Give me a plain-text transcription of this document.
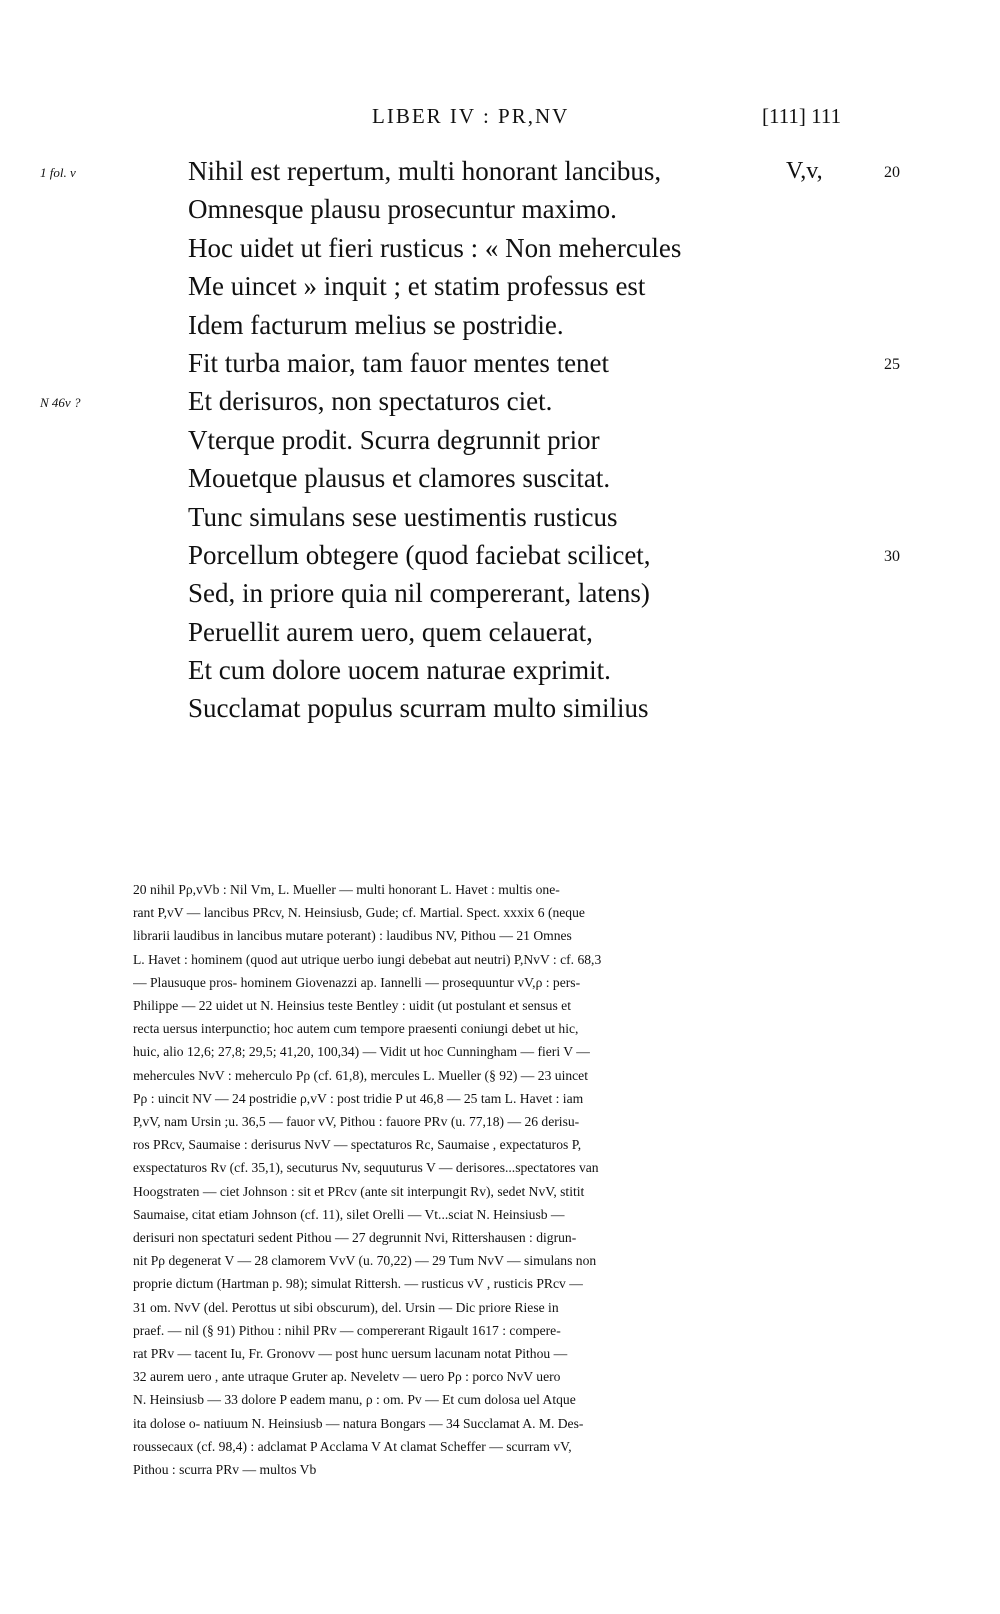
LIBER IV : PR,NV	[111] 111
1 fol. v	Nihil est repertum, multi honorant lancibus,	V,v,	20
Omnesque plausu prosecuntur maximo.
Hoc uidet ut fieri rusticus : « Non mehercules
Me uincet » inquit ; et statim professus est
Idem facturum melius se postridie.
Fit turba maior, tam fauor mentes tenet	25
N 46v ?	Et derisuros, non spectaturos ciet.
Vterque prodit. Scurra degrunnit prior
Mouetque plausus et clamores suscitat.
Tunc simulans sese uestimentis rusticus
Porcellum obtegere (quod faciebat scilicet,	30
Sed, in priore quia nil compererant, latens)
Peruellit aurem uero, quem celauerat,
Et cum dolore uocem naturae exprimit.
Succlamat populus scurram multo similius
20 nihil Pρ,vVb : Nil Vm, L. Mueller — multi honorant L. Havet : multis one-
rant P,vV — lancibus PRcv, N. Heinsiusb, Gude; cf. Martial. Spect. xxxix 6 (neque
librarii laudibus in lancibus mutare poterant) : laudibus NV, Pithou — 21 Omnes
L. Havet : hominem (quod aut utrique uerbo iungi debebat aut neutri) P,NvV : cf. 68,3
— Plausuque pros- hominem Giovenazzi ap. Iannelli — prosequuntur vV,ρ : pers-
Philippe — 22 uidet ut N. Heinsius teste Bentley : uidit (ut postulant et sensus et
recta uersus interpunctio; hoc autem cum tempore praesenti coniungi debet ut hic,
huic, alio 12,6; 27,8; 29,5; 41,20, 100,34) — Vidit ut hoc Cunningham — fieri V —
mehercules NvV : meherculo Pρ (cf. 61,8), mercules L. Mueller (§ 92) — 23 uincet
Pρ : uincit NV — 24 postridie ρ,vV : post tridie P ut 46,8 — 25 tam L. Havet : iam
P,vV, nam Ursin ;u. 36,5 — fauor vV, Pithou : fauore PRv (u. 77,18) — 26 derisu-
ros PRcv, Saumaise : derisurus NvV — spectaturos Rc, Saumaise , expectaturos P,
exspectaturos Rv (cf. 35,1), secuturus Nv, sequuturus V — derisores...spectatores van
Hoogstraten — ciet Johnson : sit et PRcv (ante sit interpungit Rv), sedet NvV, stitit
Saumaise, citat etiam Johnson (cf. 11), silet Orelli — Vt...sciat N. Heinsiusb —
derisuri non spectaturi sedent Pithou — 27 degrunnit Nvi, Rittershausen : digrun-
nit Pρ degenerat V — 28 clamorem VvV (u. 70,22) — 29 Tum NvV — simulans non
proprie dictum (Hartman p. 98); simulat Rittersh. — rusticus vV , rusticis PRcv —
31 om. NvV (del. Perottus ut sibi obscurum), del. Ursin — Dic priore Riese in
praef. — nil (§ 91) Pithou : nihil PRv — compererant Rigault 1617 : compere-
rat PRv — tacent Iu, Fr. Gronovv — post hunc uersum lacunam notat Pithou —
32 aurem uero , ante utraque Gruter ap. Neveletv — uero Pρ : porco NvV uero
N. Heinsiusb — 33 dolore P eadem manu, ρ : om. Pv — Et cum dolosa uel Atque
ita dolose o- natiuum N. Heinsiusb — natura Bongars — 34 Succlamat A. M. Des-
roussecaux (cf. 98,4) : adclamat P Acclama V At clamat Scheffer — scurram vV,
Pithou : scurra PRv — multos Vb
